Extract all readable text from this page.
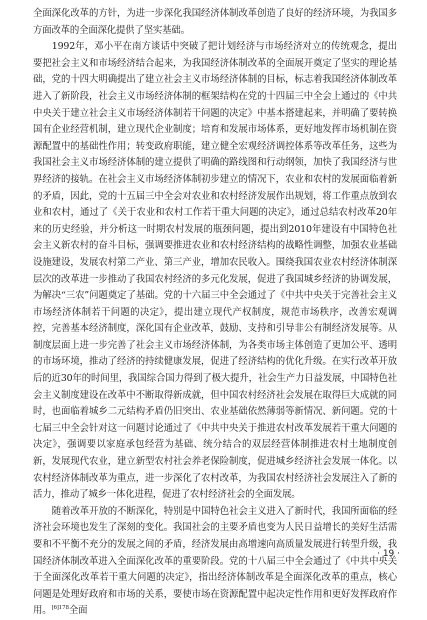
全面深化改革的方针，为进一步深化我国经济体制改革创造了良好的经济环境，为我国多方面改革的全面深化提供了坚实基础。

1992年，邓小平在南方谈话中突破了把计划经济与市场经济对立的传统观念，提出要把社会主义和市场经济结合起来，为我国经济体制改革的全面展开奠定了坚实的理论基础，党的十四大明确提出了建立社会主义市场经济体制的目标，标志着我国经济体制改革进入了新阶段，社会主义市场经济体制的框架结构在党的十四届三中全会上通过的《中共中央关于建立社会主义市场经济体制若干问题的决定》中基本搭建起来，并明确了要转换国有企业经营机制，建立现代企业制度；培育和发展市场体系，更好地发挥市场机制在资源配置中的基础性作用；转变政府职能，建立健全宏观经济调控体系等改革任务，这些为我国社会主义市场经济体制的建立提供了明确的路线图和行动纲领，加快了我国经济与世界经济的接轨。在社会主义市场经济体制初步建立的情况下，农业和农村的发展面临着新的矛盾，因此，党的十五届三中全会对农业和农村经济发展作出规划，将工作重点放到农业和农村，通过了《关于农业和农村工作若干重大问题的决定》，通过总结农村改革20年来的历史经验，并分析这一时期农村发展的瓶颈问题，提出到2010年建设有中国特色社会主义新农村的奋斗目标，强调要推进农业和农村经济结构的战略性调整，加强农业基础设施建设，发展农村第二产业、第三产业，增加农民收入。围绕我国农业农村经济体制深层次的改革进一步推动了我国农村经济的多元化发展，促进了我国城乡经济的协调发展，为解决“三农”问题奠定了基础。党的十六届三中全会通过了《中共中央关于完善社会主义市场经济体制若干问题的决定》，提出建立现代产权制度，规范市场秩序，改善宏观调控，完善基本经济制度，深化国有企业改革，鼓励、支持和引导非公有制经济发展等。从制度层面上进一步完善了社会主义市场经济体制，为各类市场主体创造了更加公平、透明的市场环境，推动了经济的持续健康发展，促进了经济结构的优化升级。在实行改革开放后的近30年的时间里，我国综合国力得到了极大提升，社会生产力日益发展，中国特色社会主义制度建设在改革中不断取得新成就，但中国农村经济社会发展在取得巨大成就的同时，也面临着城乡二元结构矛盾仍旧突出、农业基础依然薄弱等新情况、新问题。党的十七届三中全会针对这一问题讨论通过了《中共中央关于推进农村改革发展若干重大问题的决定》，强调要以家庭承包经营为基础、统分结合的双层经营体制推进农村土地制度创新，发展现代农业，建立新型农村社会养老保险制度，促进城乡经济社会发展一体化。以农村经济体制改革为重点，进一步深化了农村改革，为我国农村经济社会发展注入了新的活力，推动了城乡一体化进程，促进了农村经济社会的全面发展。

随着改革开放的不断深化，特别是中国特色社会主义进入了新时代，我国所面临的经济社会环境也发生了深刻的变化。我国社会的主要矛盾也变为人民日益增长的美好生活需要和不平衡不充分的发展之间的矛盾，经济发展由高增速向高质量发展进行转型升级，我国经济体制改革进入全面深化改革的重要阶段。党的十八届三中全会通过了《中共中央关于全面深化改革若干重大问题的决定》，指出经济体制改革是全面深化改革的重点，核心问题是处理好政府和市场的关系，要使市场在资源配置中起决定性作用和更好发挥政府作用。$^{[6]178}$全面

· 19 ·
